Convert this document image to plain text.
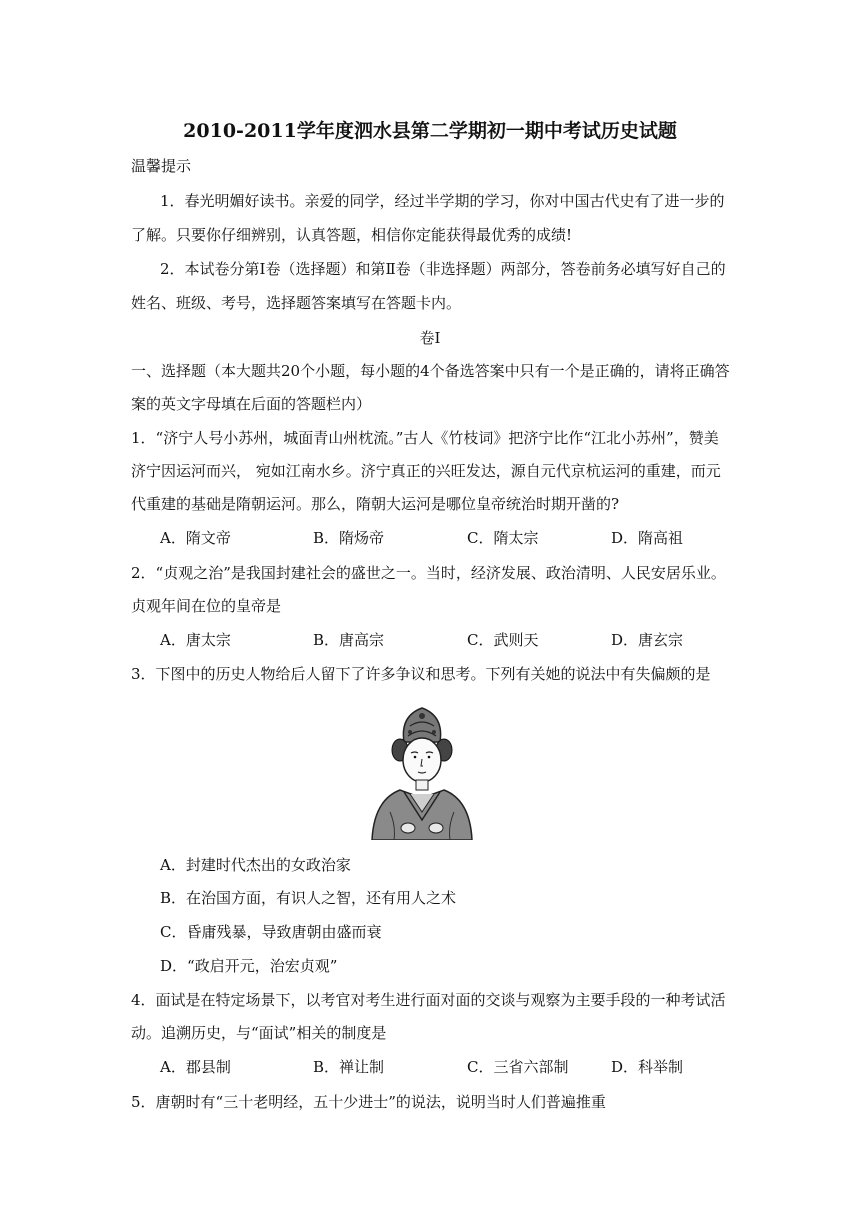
2010-2011学年度泗水县第二学期初一期中考试历史试题
温馨提示
1．春光明媚好读书。亲爱的同学，经过半学期的学习，你对中国古代史有了进一步的
了解。只要你仔细辨别，认真答题，相信你定能获得最优秀的成绩!
2．本试卷分第Ⅰ卷（选择题）和第Ⅱ卷（非选择题）两部分，答卷前务必填写好自己的
姓名、班级、考号，选择题答案填写在答题卡内。
卷Ⅰ
一、选择题（本大题共20个小题，每小题的4个备选答案中只有一个是正确的，请将正确答
案的英文字母填在后面的答题栏内）
1．“济宁人号小苏州，城面青山州枕流。”古人《竹枝词》把济宁比作“江北小苏州”，赞美
济宁因运河而兴， 宛如江南水乡。济宁真正的兴旺发达，源自元代京杭运河的重建，而元
代重建的基础是隋朝运河。那么，隋朝大运河是哪位皇帝统治时期开凿的?
A．隋文帝	B．隋炀帝	C．隋太宗	D．隋高祖
2．“贞观之治”是我国封建社会的盛世之一。当时，经济发展、政治清明、人民安居乐业。
贞观年间在位的皇帝是
A．唐太宗	B．唐高宗	C．武则天	D．唐玄宗
3．下图中的历史人物给后人留下了许多争议和思考。下列有关她的说法中有失偏颇的是
A．封建时代杰出的女政治家
B．在治国方面，有识人之智，还有用人之术
C．昏庸残暴，导致唐朝由盛而衰
D．“政启开元，治宏贞观”
4．面试是在特定场景下，以考官对考生进行面对面的交谈与观察为主要手段的一种考试活
动。追溯历史，与“面试”相关的制度是
A．郡县制	B．禅让制	C．三省六部制	D．科举制
5．唐朝时有“三十老明经，五十少进士”的说法，说明当时人们普遍推重
